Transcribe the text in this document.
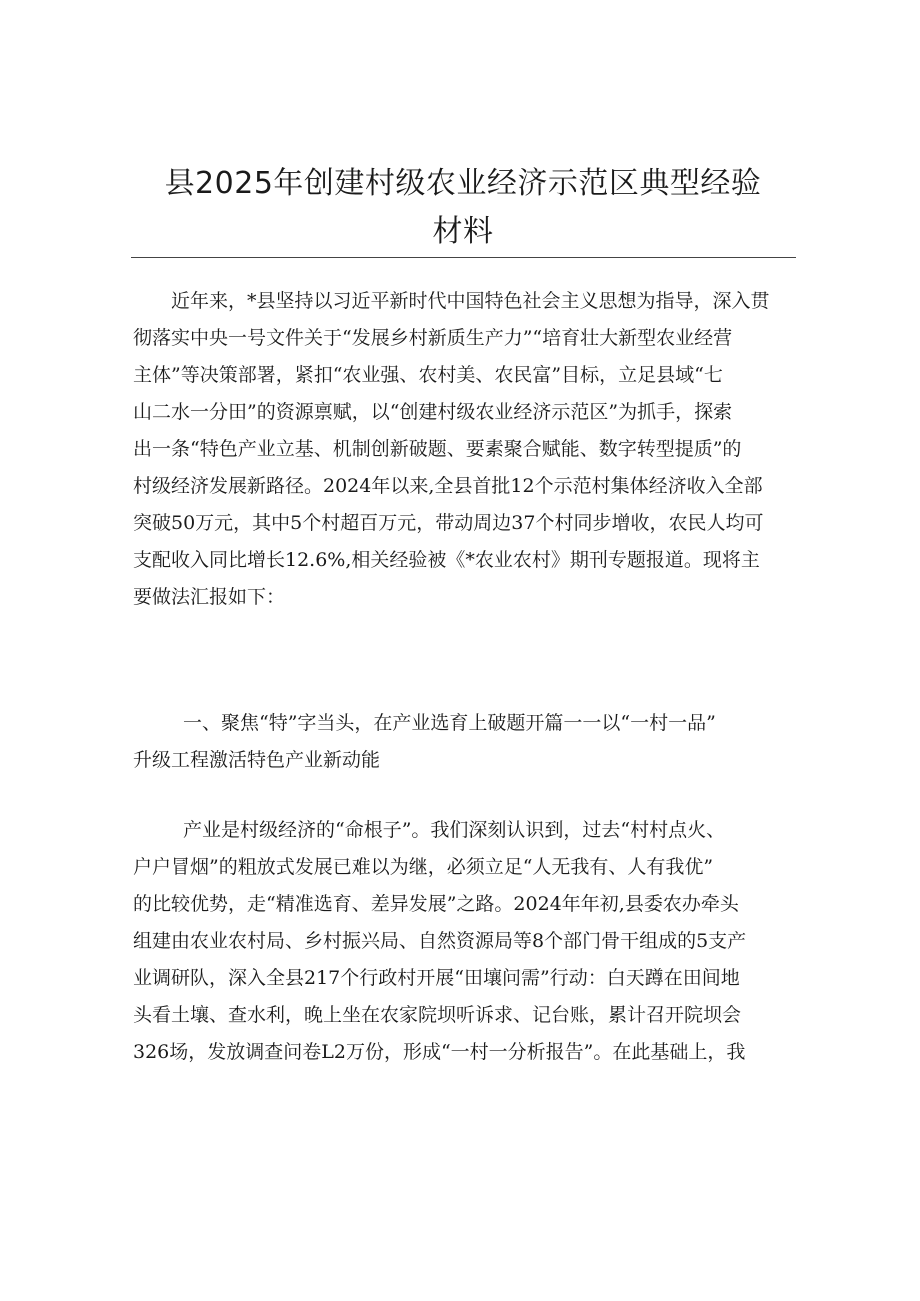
县2025年创建村级农业经济示范区典型经验
材料

近年来，*县坚持以习近平新时代中国特色社会主义思想为指导，深入贯
彻落实中央一号文件关于“发展乡村新质生产力”“培育壮大新型农业经营
主体”等决策部署，紧扣“农业强、农村美、农民富”目标，立足县域“七
山二水一分田”的资源禀赋，以“创建村级农业经济示范区”为抓手，探索
出一条“特色产业立基、机制创新破题、要素聚合赋能、数字转型提质”的
村级经济发展新路径。2024年以来,全县首批12个示范村集体经济收入全部
突破50万元，其中5个村超百万元，带动周边37个村同步增收，农民人均可
支配收入同比增长12.6%,相关经验被《*农业农村》期刊专题报道。现将主
要做法汇报如下：

一、聚焦“特”字当头，在产业选育上破题开篇一一以“一村一品”
升级工程激活特色产业新动能

产业是村级经济的“命根子”。我们深刻认识到，过去“村村点火、
户户冒烟”的粗放式发展已难以为继，必须立足“人无我有、人有我优”
的比较优势，走“精准选育、差异发展”之路。2024年年初,县委农办牵头
组建由农业农村局、乡村振兴局、自然资源局等8个部门骨干组成的5支产
业调研队，深入全县217个行政村开展“田壤问需”行动：白天蹲在田间地
头看土壤、查水利，晚上坐在农家院坝听诉求、记台账，累计召开院坝会
326场，发放调查问卷L2万份，形成“一村一分析报告”。在此基础上，我
